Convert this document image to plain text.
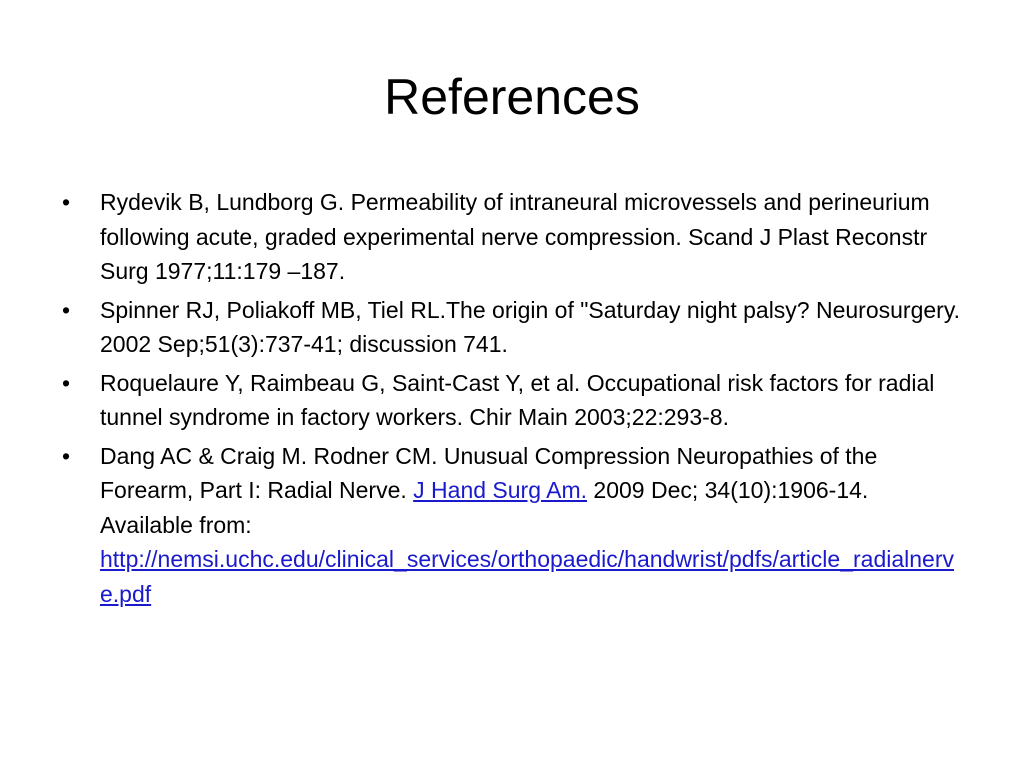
References
• Rydevik B, Lundborg G. Permeability of intraneural microvessels and perineurium following acute, graded experimental nerve compression. Scand J Plast Reconstr Surg 1977;11:179 –187.
• Spinner RJ, Poliakoff MB, Tiel RL.The origin of "Saturday night palsy? Neurosurgery. 2002 Sep;51(3):737-41; discussion 741.
• Roquelaure Y, Raimbeau G, Saint-Cast Y, et al. Occupational risk factors for radial tunnel syndrome in factory workers. Chir Main 2003;22:293-8.
• Dang AC & Craig M. Rodner CM. Unusual Compression Neuropathies of the Forearm, Part I: Radial Nerve. J Hand Surg Am. 2009 Dec; 34(10):1906-14. Available from: http://nemsi.uchc.edu/clinical_services/orthopaedic/handwrist/pdfs/article_radialnerve.pdf
